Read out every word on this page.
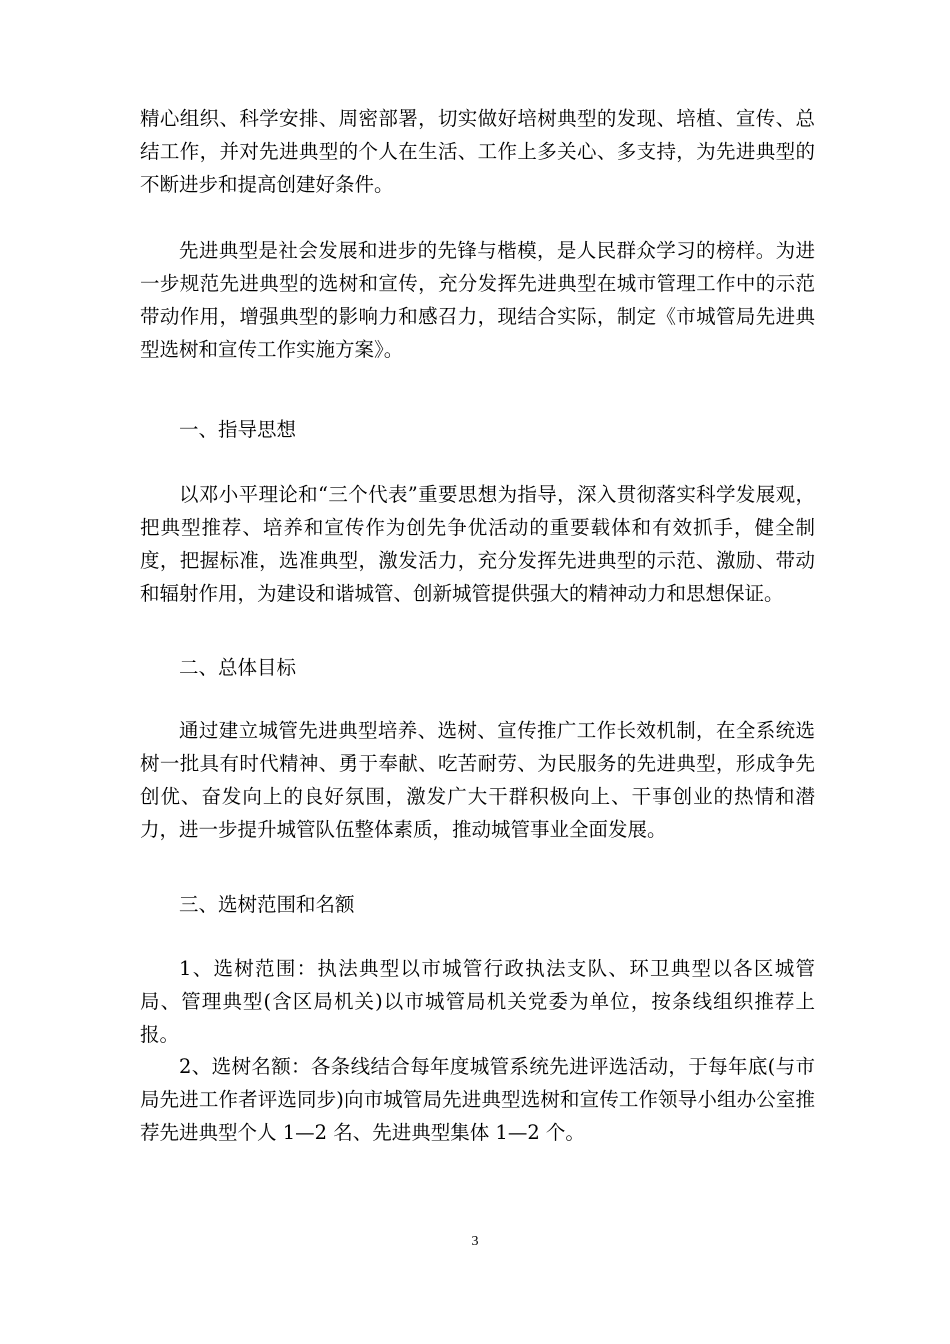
精心组织、科学安排、周密部署，切实做好培树典型的发现、培植、宣传、总结工作，并对先进典型的个人在生活、工作上多关心、多支持，为先进典型的不断进步和提高创建好条件。

先进典型是社会发展和进步的先锋与楷模，是人民群众学习的榜样。为进一步规范先进典型的选树和宣传，充分发挥先进典型在城市管理工作中的示范带动作用，增强典型的影响力和感召力，现结合实际，制定《市城管局先进典型选树和宣传工作实施方案》。

一、指导思想

以邓小平理论和“三个代表”重要思想为指导，深入贯彻落实科学发展观，把典型推荐、培养和宣传作为创先争优活动的重要载体和有效抓手，健全制度，把握标准，选准典型，激发活力，充分发挥先进典型的示范、激励、带动和辐射作用，为建设和谐城管、创新城管提供强大的精神动力和思想保证。

二、总体目标

通过建立城管先进典型培养、选树、宣传推广工作长效机制，在全系统选树一批具有时代精神、勇于奉献、吃苦耐劳、为民服务的先进典型，形成争先创优、奋发向上的良好氛围，激发广大干群积极向上、干事创业的热情和潜力，进一步提升城管队伍整体素质，推动城管事业全面发展。

三、选树范围和名额

1、选树范围：执法典型以市城管行政执法支队、环卫典型以各区城管局、管理典型(含区局机关)以市城管局机关党委为单位，按条线组织推荐上报。

2、选树名额：各条线结合每年度城管系统先进评选活动，于每年底(与市局先进工作者评选同步)向市城管局先进典型选树和宣传工作领导小组办公室推荐先进典型个人 1—2 名、先进典型集体 1—2 个。

3
